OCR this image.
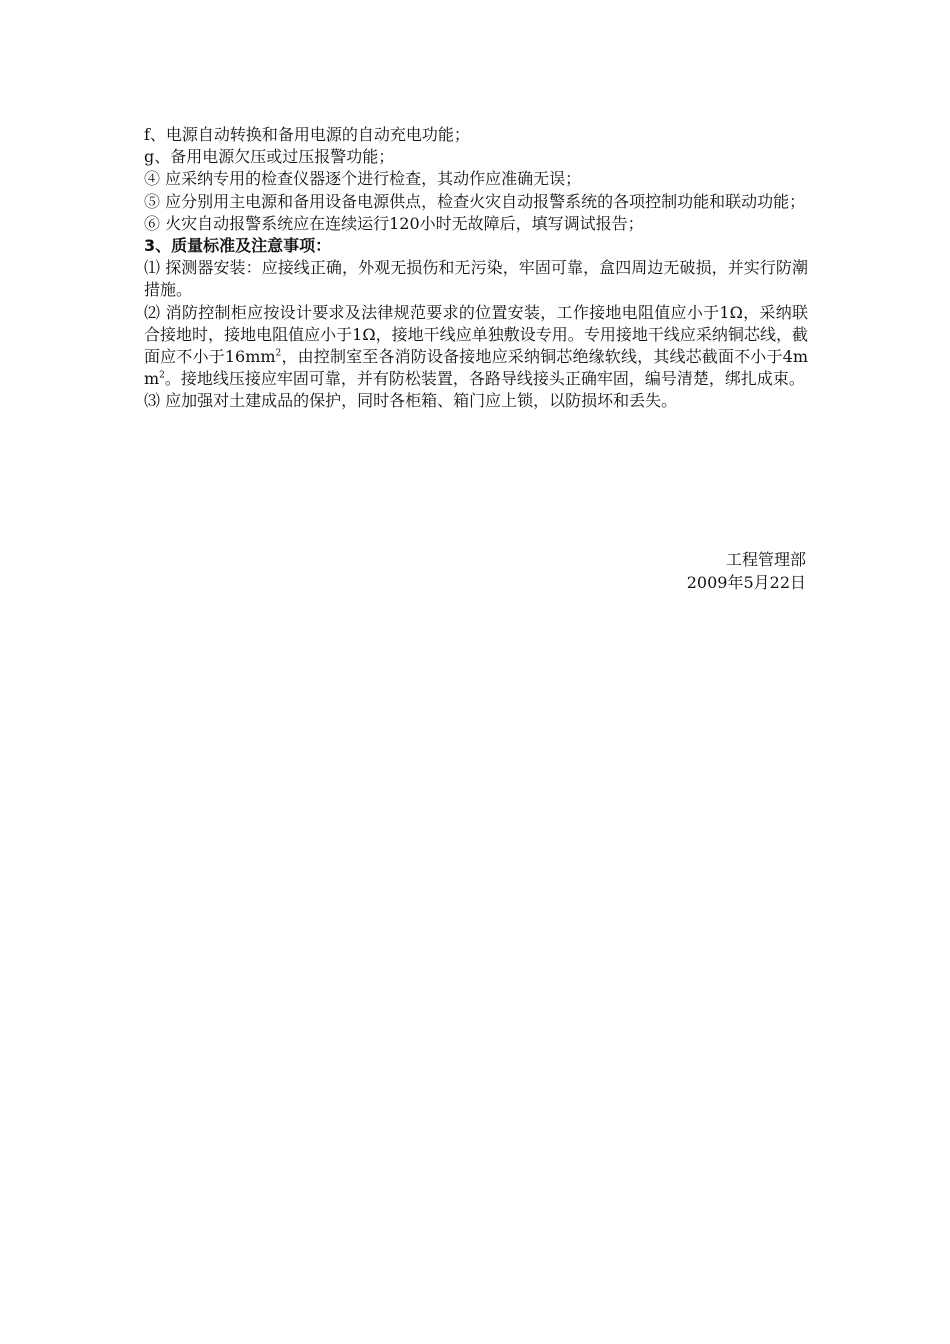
f、电源自动转换和备用电源的自动充电功能；

g、备用电源欠压或过压报警功能；

④ 应采纳专用的检查仪器逐个进行检查，其动作应准确无误；

⑤ 应分别用主电源和备用设备电源供点，检查火灾自动报警系统的各项控制功能和联动功能；

⑥ 火灾自动报警系统应在连续运行120小时无故障后，填写调试报告；

3、质量标准及注意事项：

⑴ 探测器安装：应接线正确，外观无损伤和无污染，牢固可靠，盒四周边无破损，并实行防潮措施。

⑵ 消防控制柜应按设计要求及法律规范要求的位置安装，工作接地电阻值应小于1Ω，采纳联合接地时，接地电阻值应小于1Ω，接地干线应单独敷设专用。专用接地干线应采纳铜芯线，截面应不小于$16mm^2$，由控制室至各消防设备接地应采纳铜芯绝缘软线，其线芯截面不小于$4mm^2$。接地线压接应牢固可靠，并有防松装置，各路导线接头正确牢固，编号清楚，绑扎成束。

⑶ 应加强对土建成品的保护，同时各柜箱、箱门应上锁，以防损坏和丢失。

工程管理部
2009年5月22日
